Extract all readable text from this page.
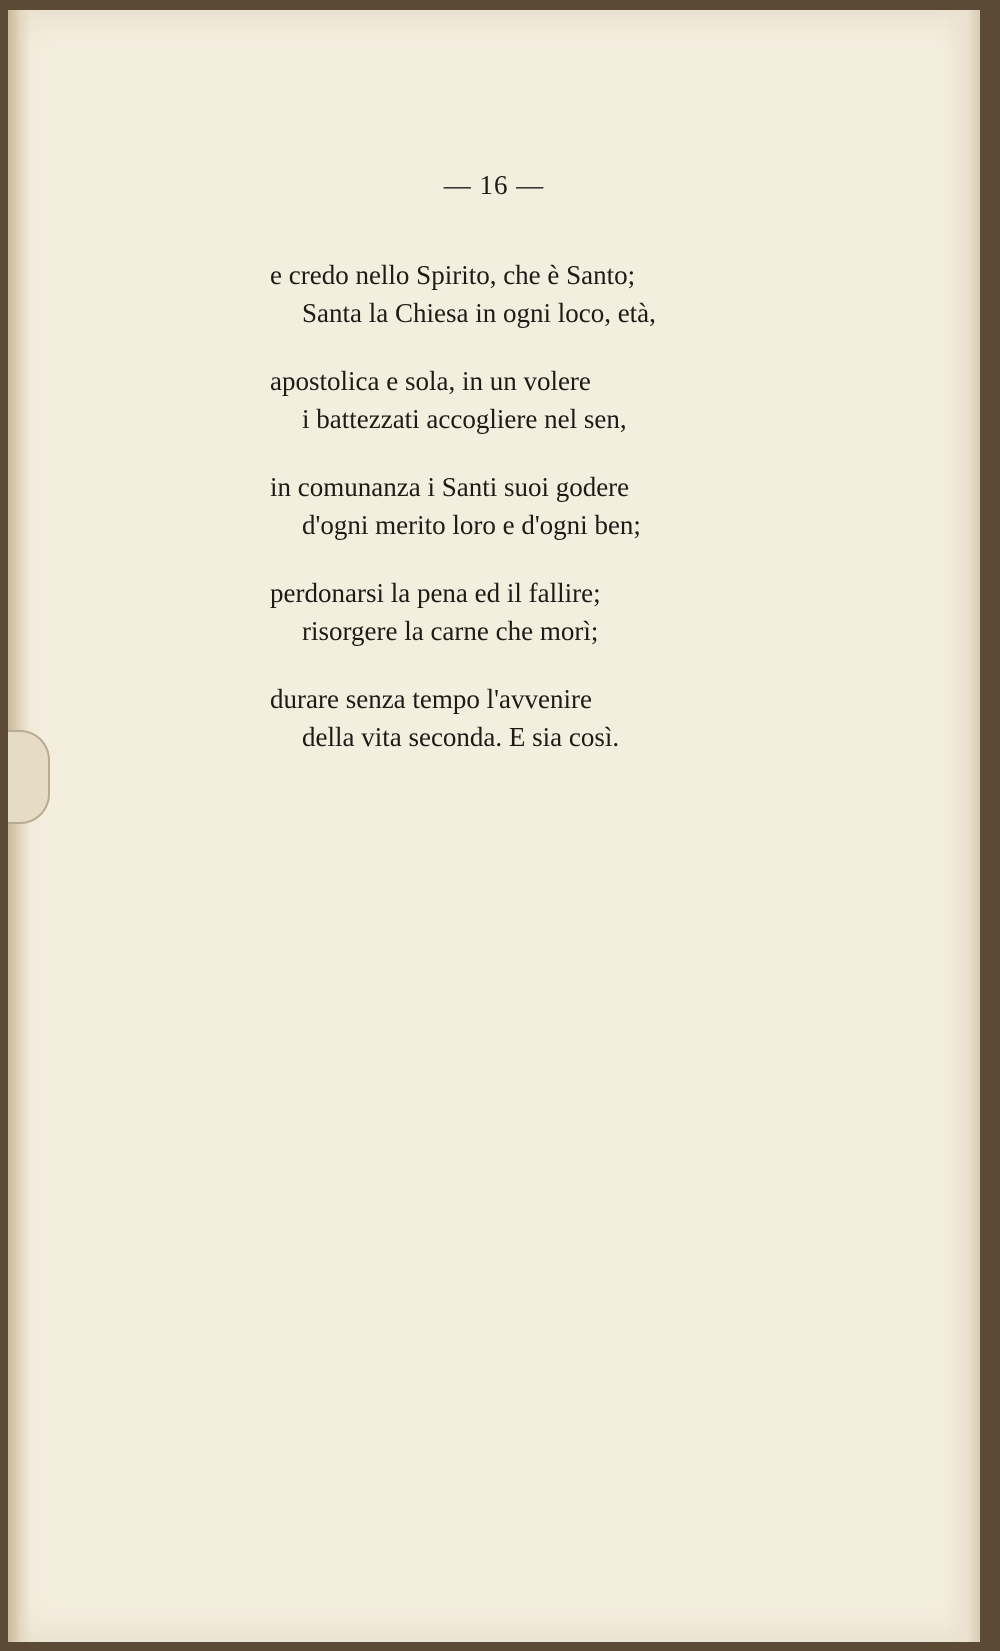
— 16 —
e credo nello Spirito, che è Santo;
Santa la Chiesa in ogni loco, età,
apostolica e sola, in un volere
i battezzati accogliere nel sen,
in comunanza i Santi suoi godere
d'ogni merito loro e d'ogni ben;
perdonarsi la pena ed il fallire;
risorgere la carne che morì;
durare senza tempo l'avvenire
della vita seconda. E sia così.
